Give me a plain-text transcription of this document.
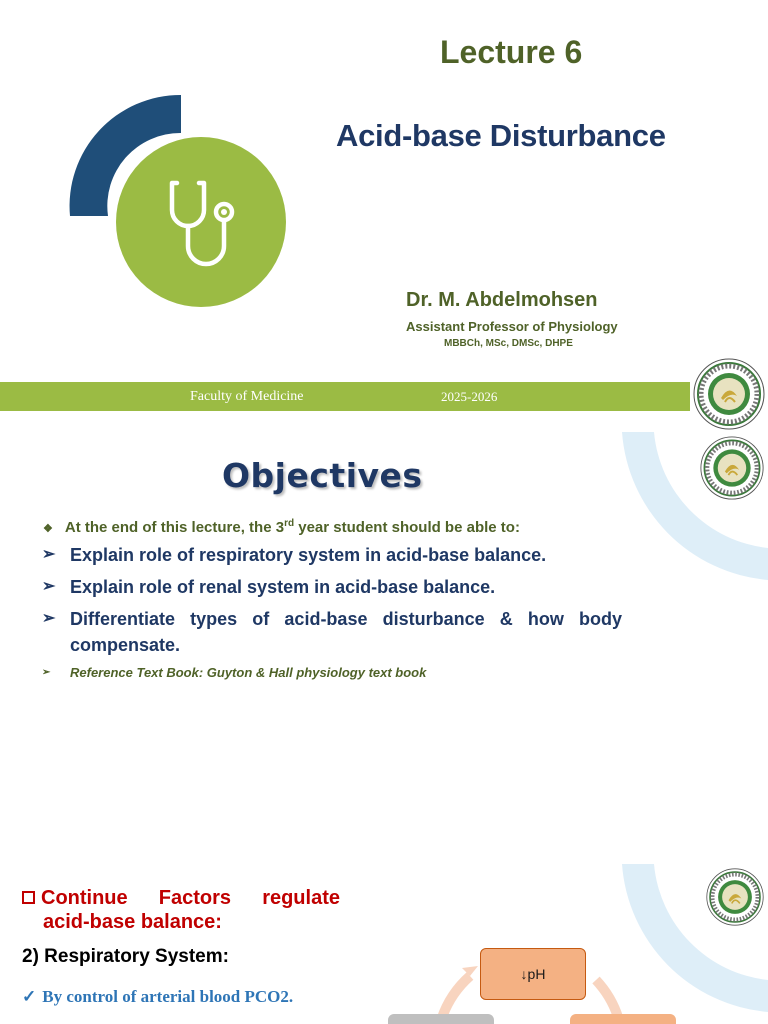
Lecture 6
Acid-base Disturbance
Dr. M. Abdelmohsen
Assistant Professor of Physiology
MBBCh, MSc, DMSc, DHPE
Faculty of Medicine	2025-2026
Objectives
❖ At the end of this lecture, the 3rd year student should be able to:
➢ Explain role of respiratory system in acid-base balance.
➢ Explain role of renal system in acid-base balance.
➢ Differentiate types of acid-base disturbance & how body compensate.
➢	Reference Text Book: Guyton & Hall physiology text book
Continue Factors regulate
acid-base balance:
2) Respiratory System:
✓ By control of arterial blood PCO2.
↓pH
